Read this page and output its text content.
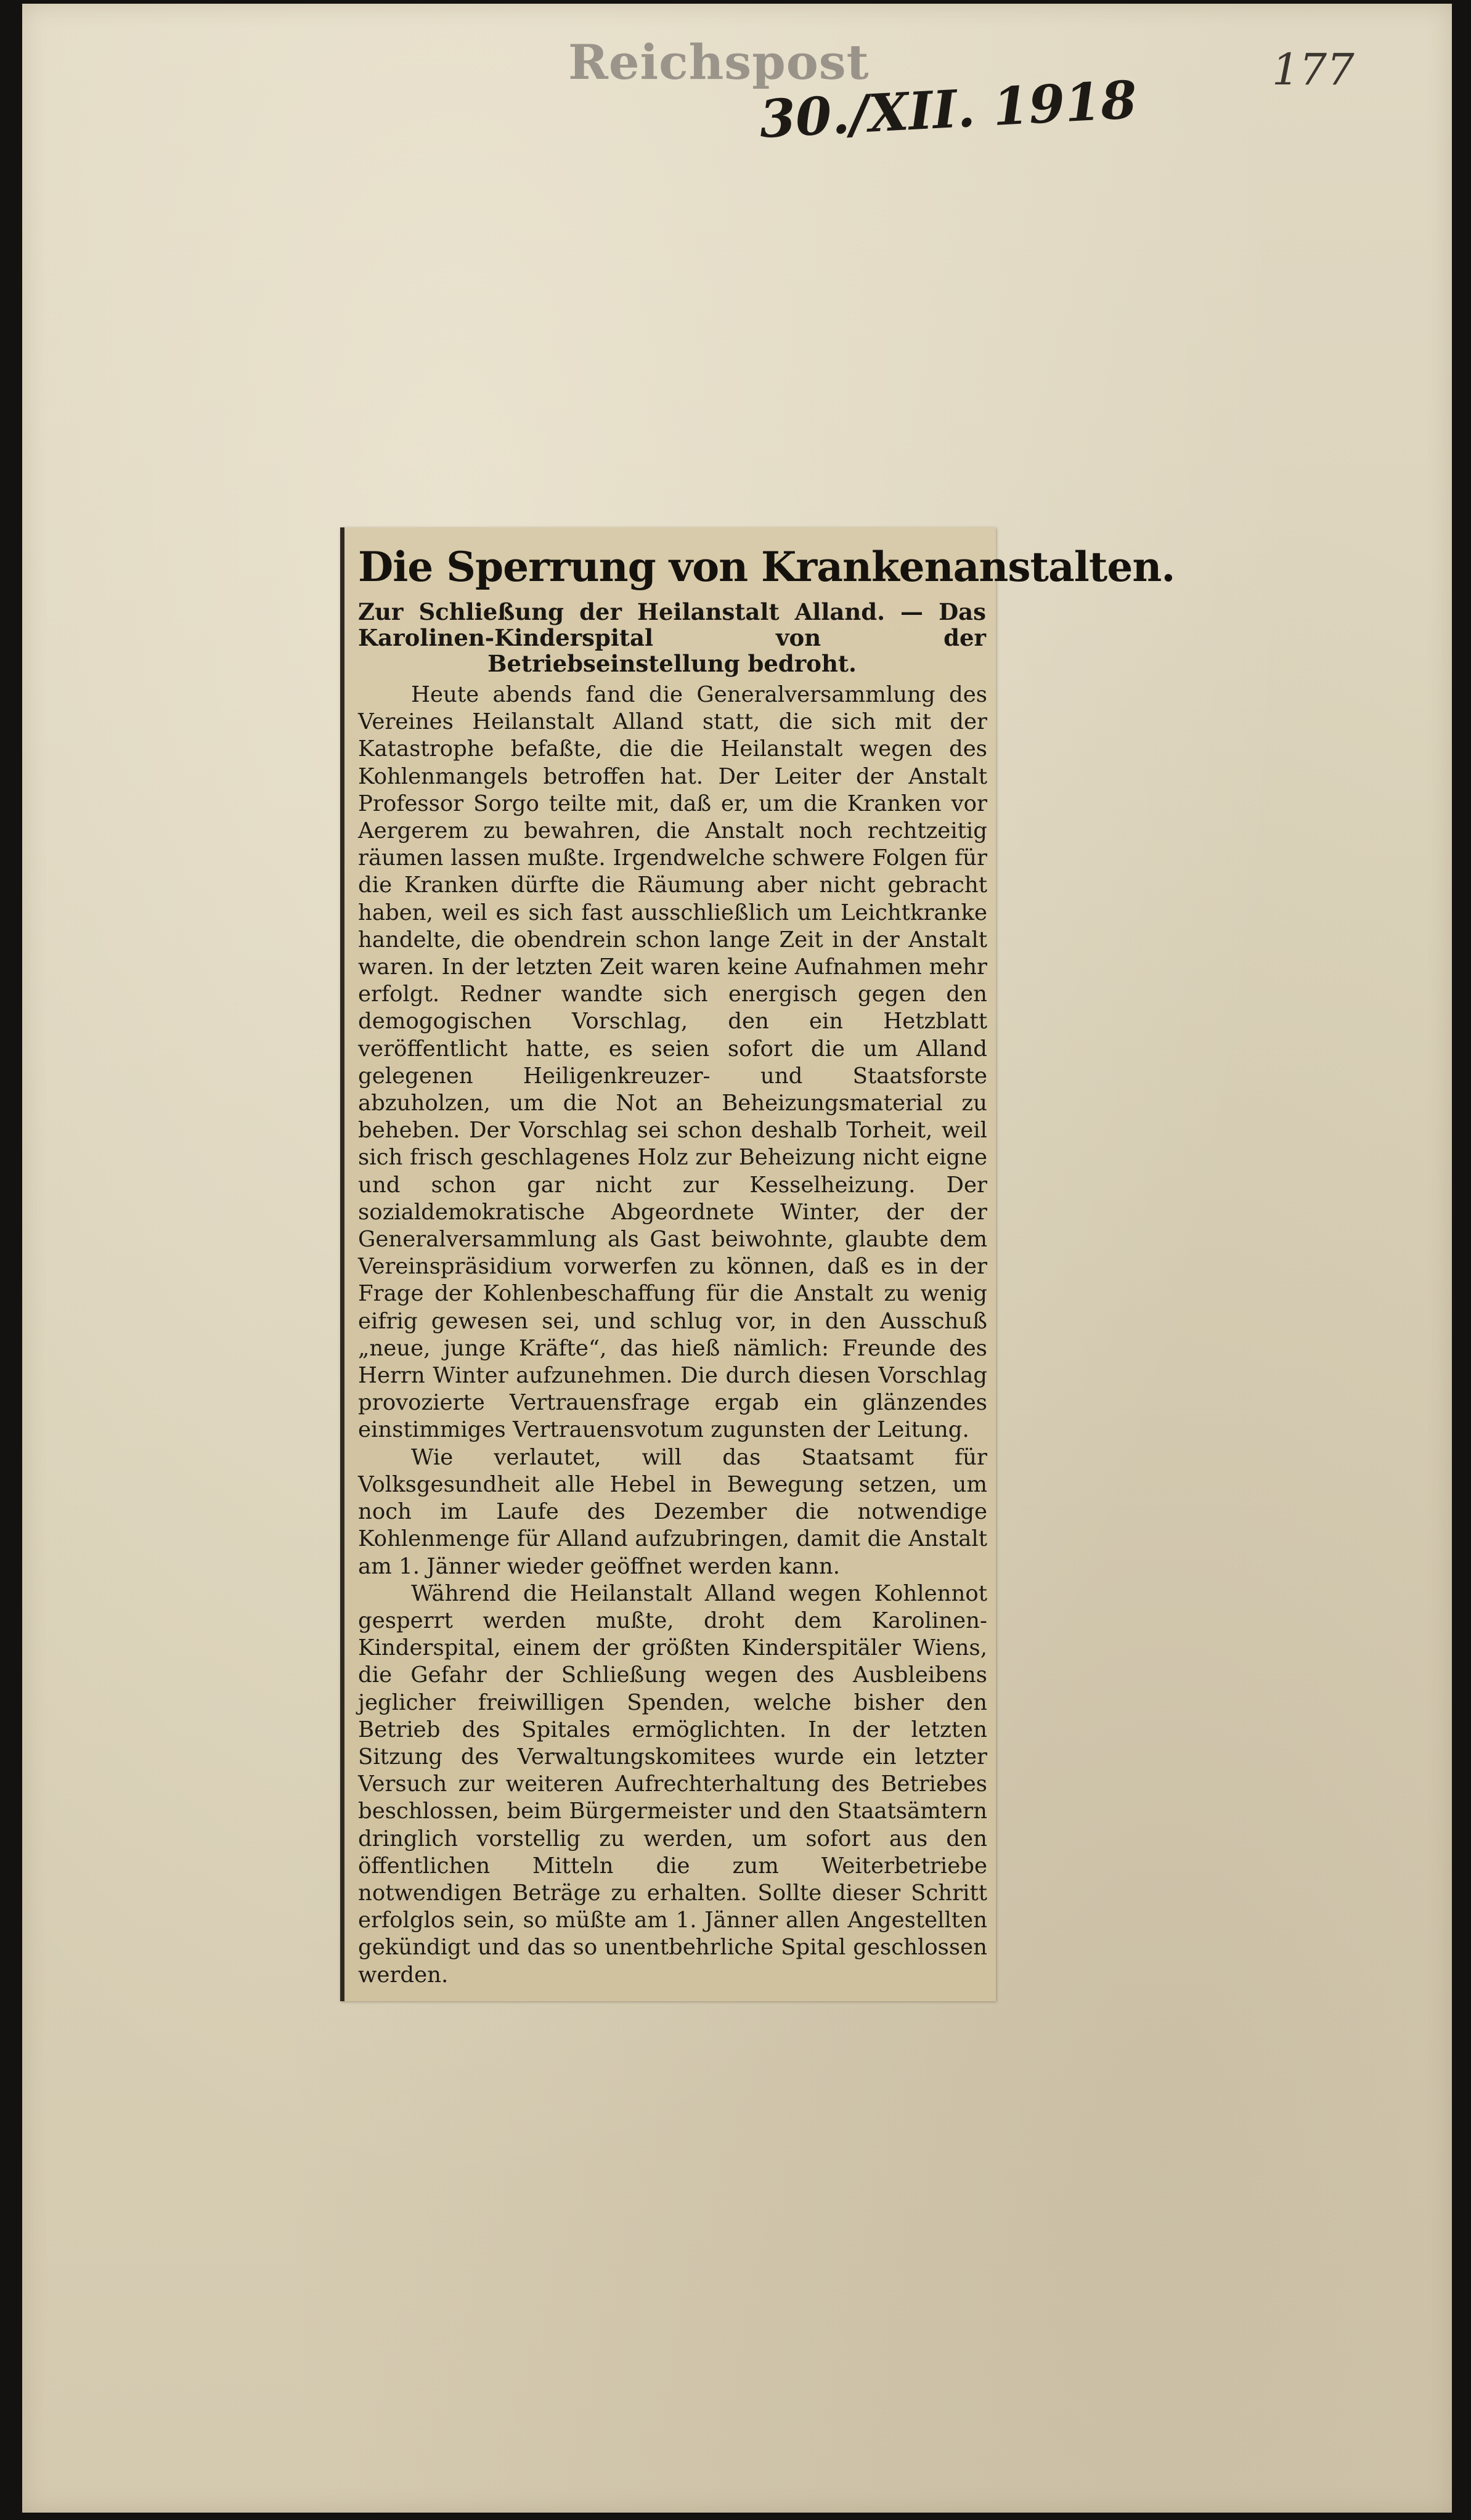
Reichspost
30./XII. 1918	177
Die Sperrung von Krankenanstalten.
Zur Schließung der Heilanstalt Alland. — Das Karolinen-Kinderspital von der Betriebseinstellung bedroht.

Heute abends fand die Generalversammlung des Vereines Heilanstalt Alland statt, die sich mit der Katastrophe befaßte, die die Heilanstalt wegen des Kohlenmangels betroffen hat. Der Leiter der Anstalt Professor Sorgo teilte mit, daß er, um die Kranken vor Aergerem zu bewahren, die Anstalt noch rechtzeitig räumen lassen mußte. Irgendwelche schwere Folgen für die Kranken dürfte die Räumung aber nicht gebracht haben, weil es sich fast ausschließlich um Leichtkranke handelte, die obendrein schon lange Zeit in der Anstalt waren. In der letzten Zeit waren keine Aufnahmen mehr erfolgt. Redner wandte sich energisch gegen den demogogischen Vorschlag, den ein Hetzblatt veröffentlicht hatte, es seien sofort die um Alland gelegenen Heiligenkreuzer- und Staatsforste abzuholzen, um die Not an Beheizungsmaterial zu beheben. Der Vorschlag sei schon deshalb Torheit, weil sich frisch geschlagenes Holz zur Beheizung nicht eigne und schon gar nicht zur Kesselheizung. Der sozialdemokratische Abgeordnete Winter, der der Generalversammlung als Gast beiwohnte, glaubte dem Vereinspräsidium vorwerfen zu können, daß es in der Frage der Kohlenbeschaffung für die Anstalt zu wenig eifrig gewesen sei, und schlug vor, in den Ausschuß „neue, junge Kräfte“, das hieß nämlich: Freunde des Herrn Winter aufzunehmen. Die durch diesen Vorschlag provozierte Vertrauensfrage ergab ein glänzendes einstimmiges Vertrauensvotum zugunsten der Leitung.

Wie verlautet, will das Staatsamt für Volksgesundheit alle Hebel in Bewegung setzen, um noch im Laufe des Dezember die notwendige Kohlenmenge für Alland aufzubringen, damit die Anstalt am 1. Jänner wieder geöffnet werden kann.

Während die Heilanstalt Alland wegen Kohlennot gesperrt werden mußte, droht dem Karolinen-Kinderspital, einem der größten Kinderspitäler Wiens, die Gefahr der Schließung wegen des Ausbleibens jeglicher freiwilligen Spenden, welche bisher den Betrieb des Spitales ermöglichten. In der letzten Sitzung des Verwaltungskomitees wurde ein letzter Versuch zur weiteren Aufrechterhaltung des Betriebes beschlossen, beim Bürgermeister und den Staatsämtern dringlich vorstellig zu werden, um sofort aus den öffentlichen Mitteln die zum Weiterbetriebe notwendigen Beträge zu erhalten. Sollte dieser Schritt erfolglos sein, so müßte am 1. Jänner allen Angestellten gekündigt und das so unentbehrliche Spital geschlossen werden.
